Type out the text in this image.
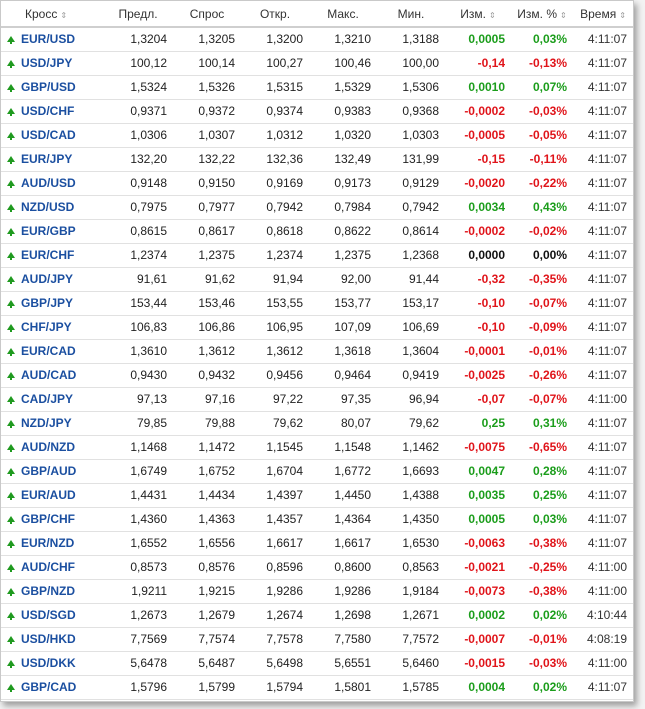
Кросс ⇕		Предл.	Спрос	Откр.	Макс.	Мин.	Изм. ⇕	Изм. % ⇕	Время ⇕
	EUR/USD	1,3204	1,3205	1,3200	1,3210	1,3188	0,0005	0,03%	4:11:07
	USD/JPY	100,12	100,14	100,27	100,46	100,00	-0,14	-0,13%	4:11:07
	GBP/USD	1,5324	1,5326	1,5315	1,5329	1,5306	0,0010	0,07%	4:11:07
	USD/CHF	0,9371	0,9372	0,9374	0,9383	0,9368	-0,0002	-0,03%	4:11:07
	USD/CAD	1,0306	1,0307	1,0312	1,0320	1,0303	-0,0005	-0,05%	4:11:07
	EUR/JPY	132,20	132,22	132,36	132,49	131,99	-0,15	-0,11%	4:11:07
	AUD/USD	0,9148	0,9150	0,9169	0,9173	0,9129	-0,0020	-0,22%	4:11:07
	NZD/USD	0,7975	0,7977	0,7942	0,7984	0,7942	0,0034	0,43%	4:11:07
	EUR/GBP	0,8615	0,8617	0,8618	0,8622	0,8614	-0,0002	-0,02%	4:11:07
	EUR/CHF	1,2374	1,2375	1,2374	1,2375	1,2368	0,0000	0,00%	4:11:07
	AUD/JPY	91,61	91,62	91,94	92,00	91,44	-0,32	-0,35%	4:11:07
	GBP/JPY	153,44	153,46	153,55	153,77	153,17	-0,10	-0,07%	4:11:07
	CHF/JPY	106,83	106,86	106,95	107,09	106,69	-0,10	-0,09%	4:11:07
	EUR/CAD	1,3610	1,3612	1,3612	1,3618	1,3604	-0,0001	-0,01%	4:11:07
	AUD/CAD	0,9430	0,9432	0,9456	0,9464	0,9419	-0,0025	-0,26%	4:11:07
	CAD/JPY	97,13	97,16	97,22	97,35	96,94	-0,07	-0,07%	4:11:00
	NZD/JPY	79,85	79,88	79,62	80,07	79,62	0,25	0,31%	4:11:07
	AUD/NZD	1,1468	1,1472	1,1545	1,1548	1,1462	-0,0075	-0,65%	4:11:07
	GBP/AUD	1,6749	1,6752	1,6704	1,6772	1,6693	0,0047	0,28%	4:11:07
	EUR/AUD	1,4431	1,4434	1,4397	1,4450	1,4388	0,0035	0,25%	4:11:07
	GBP/CHF	1,4360	1,4363	1,4357	1,4364	1,4350	0,0005	0,03%	4:11:07
	EUR/NZD	1,6552	1,6556	1,6617	1,6617	1,6530	-0,0063	-0,38%	4:11:07
	AUD/CHF	0,8573	0,8576	0,8596	0,8600	0,8563	-0,0021	-0,25%	4:11:00
	GBP/NZD	1,9211	1,9215	1,9286	1,9286	1,9184	-0,0073	-0,38%	4:11:00
	USD/SGD	1,2673	1,2679	1,2674	1,2698	1,2671	0,0002	0,02%	4:10:44
	USD/HKD	7,7569	7,7574	7,7578	7,7580	7,7572	-0,0007	-0,01%	4:08:19
	USD/DKK	5,6478	5,6487	5,6498	5,6551	5,6460	-0,0015	-0,03%	4:11:00
	GBP/CAD	1,5796	1,5799	1,5794	1,5801	1,5785	0,0004	0,02%	4:11:07
